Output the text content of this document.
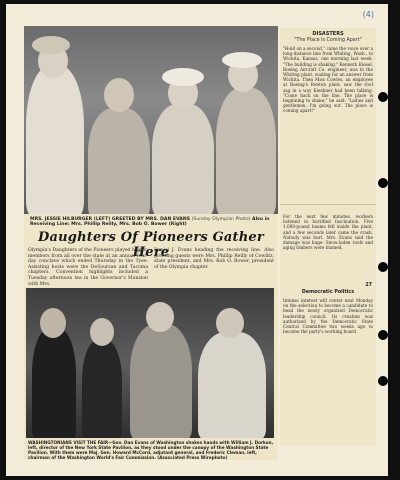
(4)
MRS. JESSIE HILBURGER (LEFT) GREETED BY MRS. DAN EVANS (Sunday Olympian Photo) Also in Receiving Line: Mrs. Phillip Reilly, Mrs. Bob O. Bower (Right)
Daughters Of Pioneers Gather Here
Olympia's Daughters of the Pioneers played host to members from all over the state at an annual four-day conclave which ended Thursday in the Tyee. Assisting hosts were the DeSoursan and Tacoma chapters. Convention highlights included a Tuesday afternoon tea in the Governor's Mansion with Mrs.
Daniel J. Evans heading the receiving line. Also greeting guests were Mrs. Phillip Reilly of Cowlitz, state president, and Mrs. Bob O. Bower, president of the Olympia chapter.
WASHINGTONIANS VISIT THE FAIR—Gov. Dan Evans of Washington shakes hands with William J. Dorkon, left, director of the New York State Pavilion, as they stood under the canopy of the Washington State Pavilion. With them were Maj. Gen. Howard McCord, adjutant general, and Frederic Cleman, left, chairman of the Washington World's Fair Commission. (Associated Press Wirephoto)
DISASTERS
"The Place Is Coming Apart"
"Hold on a second," came the voice over a long-distance line from Whiting, Wash., to Wichita, Kansas, one morning last week. "The building is shaking." Kenneth Kiesel, Boeing Aircraft Co. engineer, was in the Whiting plant, waiting for an answer from Wichita. Then Miss Cowles, an employee at Boeing's Renton plant, saw the roof sag in a way Kieshner had been talking. "Come back on the line. The place is beginning to shake," he said. "Ladies and gentlemen, I'm going out. The place is coming apart!"
For the next few minutes, workers listened in horrified fascination. Five 1,000-pound beams fell inside the plant, and a few seconds later came the crash. Nobody was hurt. Mrs. Evans said the damage was huge. Snow-laden roofs and aging timbers were blamed.
27
Democratic Politics
Intense interest will center next Monday on the selection to become a candidate to head the newly organized Democratic leadership council. Its creation was authorized by the Democratic State Central Committee two weeks ago to become the party's working board.
